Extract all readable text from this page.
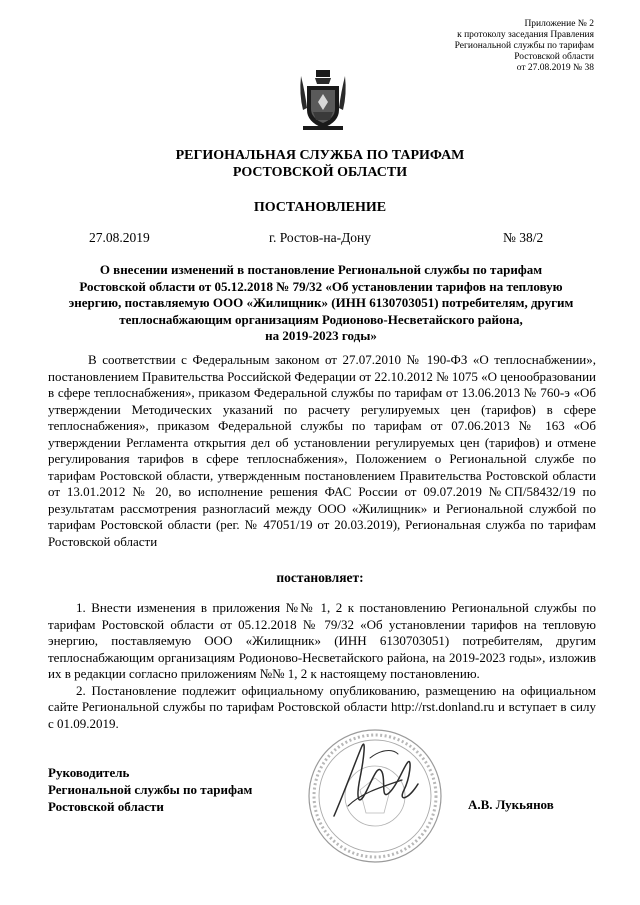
Приложение № 2
к протоколу заседания Правления
Региональной службы по тарифам
Ростовской области
от 27.08.2019 № 38
РЕГИОНАЛЬНАЯ СЛУЖБА ПО ТАРИФАМ
РОСТОВСКОЙ ОБЛАСТИ
ПОСТАНОВЛЕНИЕ
27.08.2019	г. Ростов-на-Дону	№ 38/2
О внесении изменений в постановление Региональной службы по тарифам
Ростовской области от 05.12.2018 № 79/32 «Об установлении тарифов на тепловую
энергию, поставляемую ООО «Жилищник» (ИНН 6130703051) потребителям, другим
теплоснабжающим организациям Родионово-Несветайского района,
на 2019-2023 годы»

В соответствии с Федеральным законом от 27.07.2010 № 190-ФЗ «О теплоснабжении», постановлением Правительства Российской Федерации от 22.10.2012 № 1075 «О ценообразовании в сфере теплоснабжения», приказом Федеральной службы по тарифам от 13.06.2013 № 760-э «Об утверждении Методических указаний по расчету регулируемых цен (тарифов) в сфере теплоснабжения», приказом Федеральной службы по тарифам от 07.06.2013 № 163 «Об утверждении Регламента открытия дел об установлении регулируемых цен (тарифов) и отмене регулирования тарифов в сфере теплоснабжения», Положением о Региональной службе по тарифам Ростовской области, утвержденным постановлением Правительства Ростовской области от 13.01.2012 № 20, во исполнение решения ФАС России от 09.07.2019 №СП/58432/19 по результатам рассмотрения разногласий между ООО «Жилищник» и Региональной службой по тарифам Ростовской области (рег. № 47051/19 от 20.03.2019), Региональная служба по тарифам Ростовской области

постановляет:

1. Внести изменения в приложения №№ 1, 2 к постановлению Региональной службы по тарифам Ростовской области от 05.12.2018 № 79/32 «Об установлении тарифов на тепловую энергию, поставляемую ООО «Жилищник» (ИНН 6130703051) потребителям, другим теплоснабжающим организациям Родионово-Несветайского района, на 2019-2023 годы», изложив их в редакции согласно приложениям №№ 1, 2 к настоящему постановлению.

2. Постановление подлежит официальному опубликованию, размещению на официальном сайте Региональной службы по тарифам Ростовской области http://rst.donland.ru и вступает в силу с 01.09.2019.

Руководитель
Региональной службы по тарифам
Ростовской области	А.В. Лукьянов
